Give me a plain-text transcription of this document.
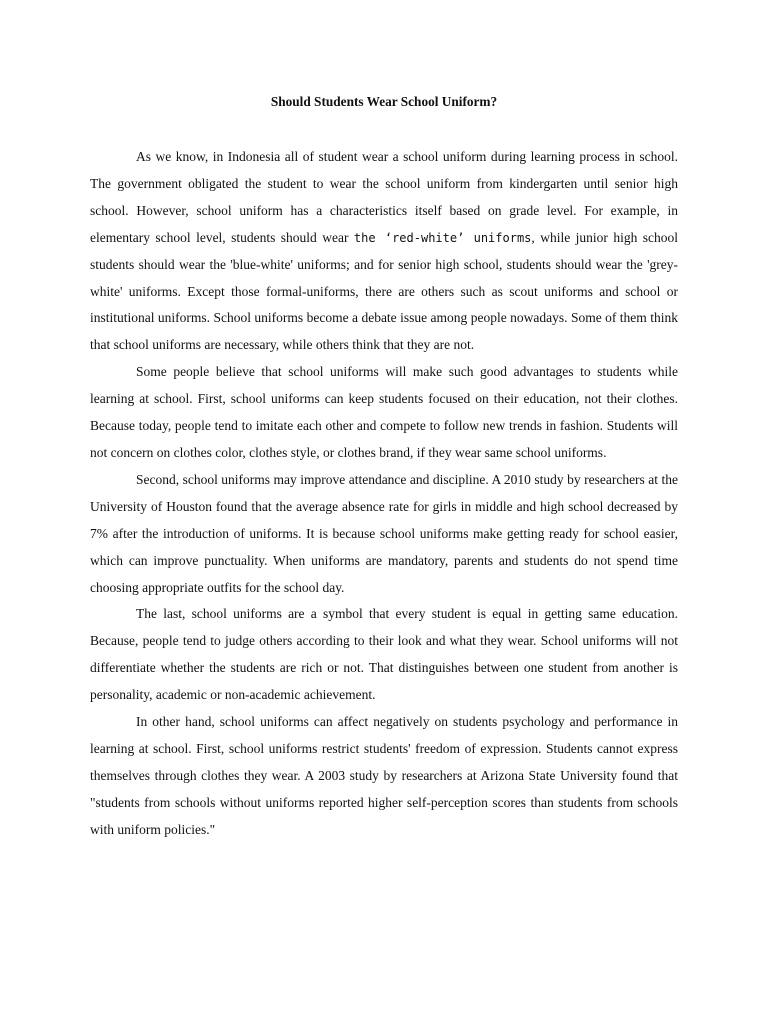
Should Students Wear School Uniform?

As we know, in Indonesia all of student wear a school uniform during learning process in school. The government obligated the student to wear the school uniform from kindergarten until senior high school. However, school uniform has a characteristics itself based on grade level. For example, in elementary school level, students should wear the ‘red-white’ uniforms, while junior high school students should wear the 'blue-white' uniforms; and for senior high school, students should wear the 'grey-white' uniforms. Except those formal-uniforms, there are others such as scout uniforms and school or institutional uniforms. School uniforms become a debate issue among people nowadays. Some of them think that school uniforms are necessary, while others think that they are not.

Some people believe that school uniforms will make such good advantages to students while learning at school. First, school uniforms can keep students focused on their education, not their clothes. Because today, people tend to imitate each other and compete to follow new trends in fashion. Students will not concern on clothes color, clothes style, or clothes brand, if they wear same school uniforms.

Second, school uniforms may improve attendance and discipline. A 2010 study by researchers at the University of Houston found that the average absence rate for girls in middle and high school decreased by 7% after the introduction of uniforms. It is because school uniforms make getting ready for school easier, which can improve punctuality. When uniforms are mandatory, parents and students do not spend time choosing appropriate outfits for the school day.

The last, school uniforms are a symbol that every student is equal in getting same education. Because, people tend to judge others according to their look and what they wear. School uniforms will not differentiate whether the students are rich or not. That distinguishes between one student from another is personality, academic or non-academic achievement.

In other hand, school uniforms can affect negatively on students psychology and performance in learning at school. First, school uniforms restrict students' freedom of expression. Students cannot express themselves through clothes they wear. A 2003 study by researchers at Arizona State University found that "students from schools without uniforms reported higher self-perception scores than students from schools with uniform policies."
